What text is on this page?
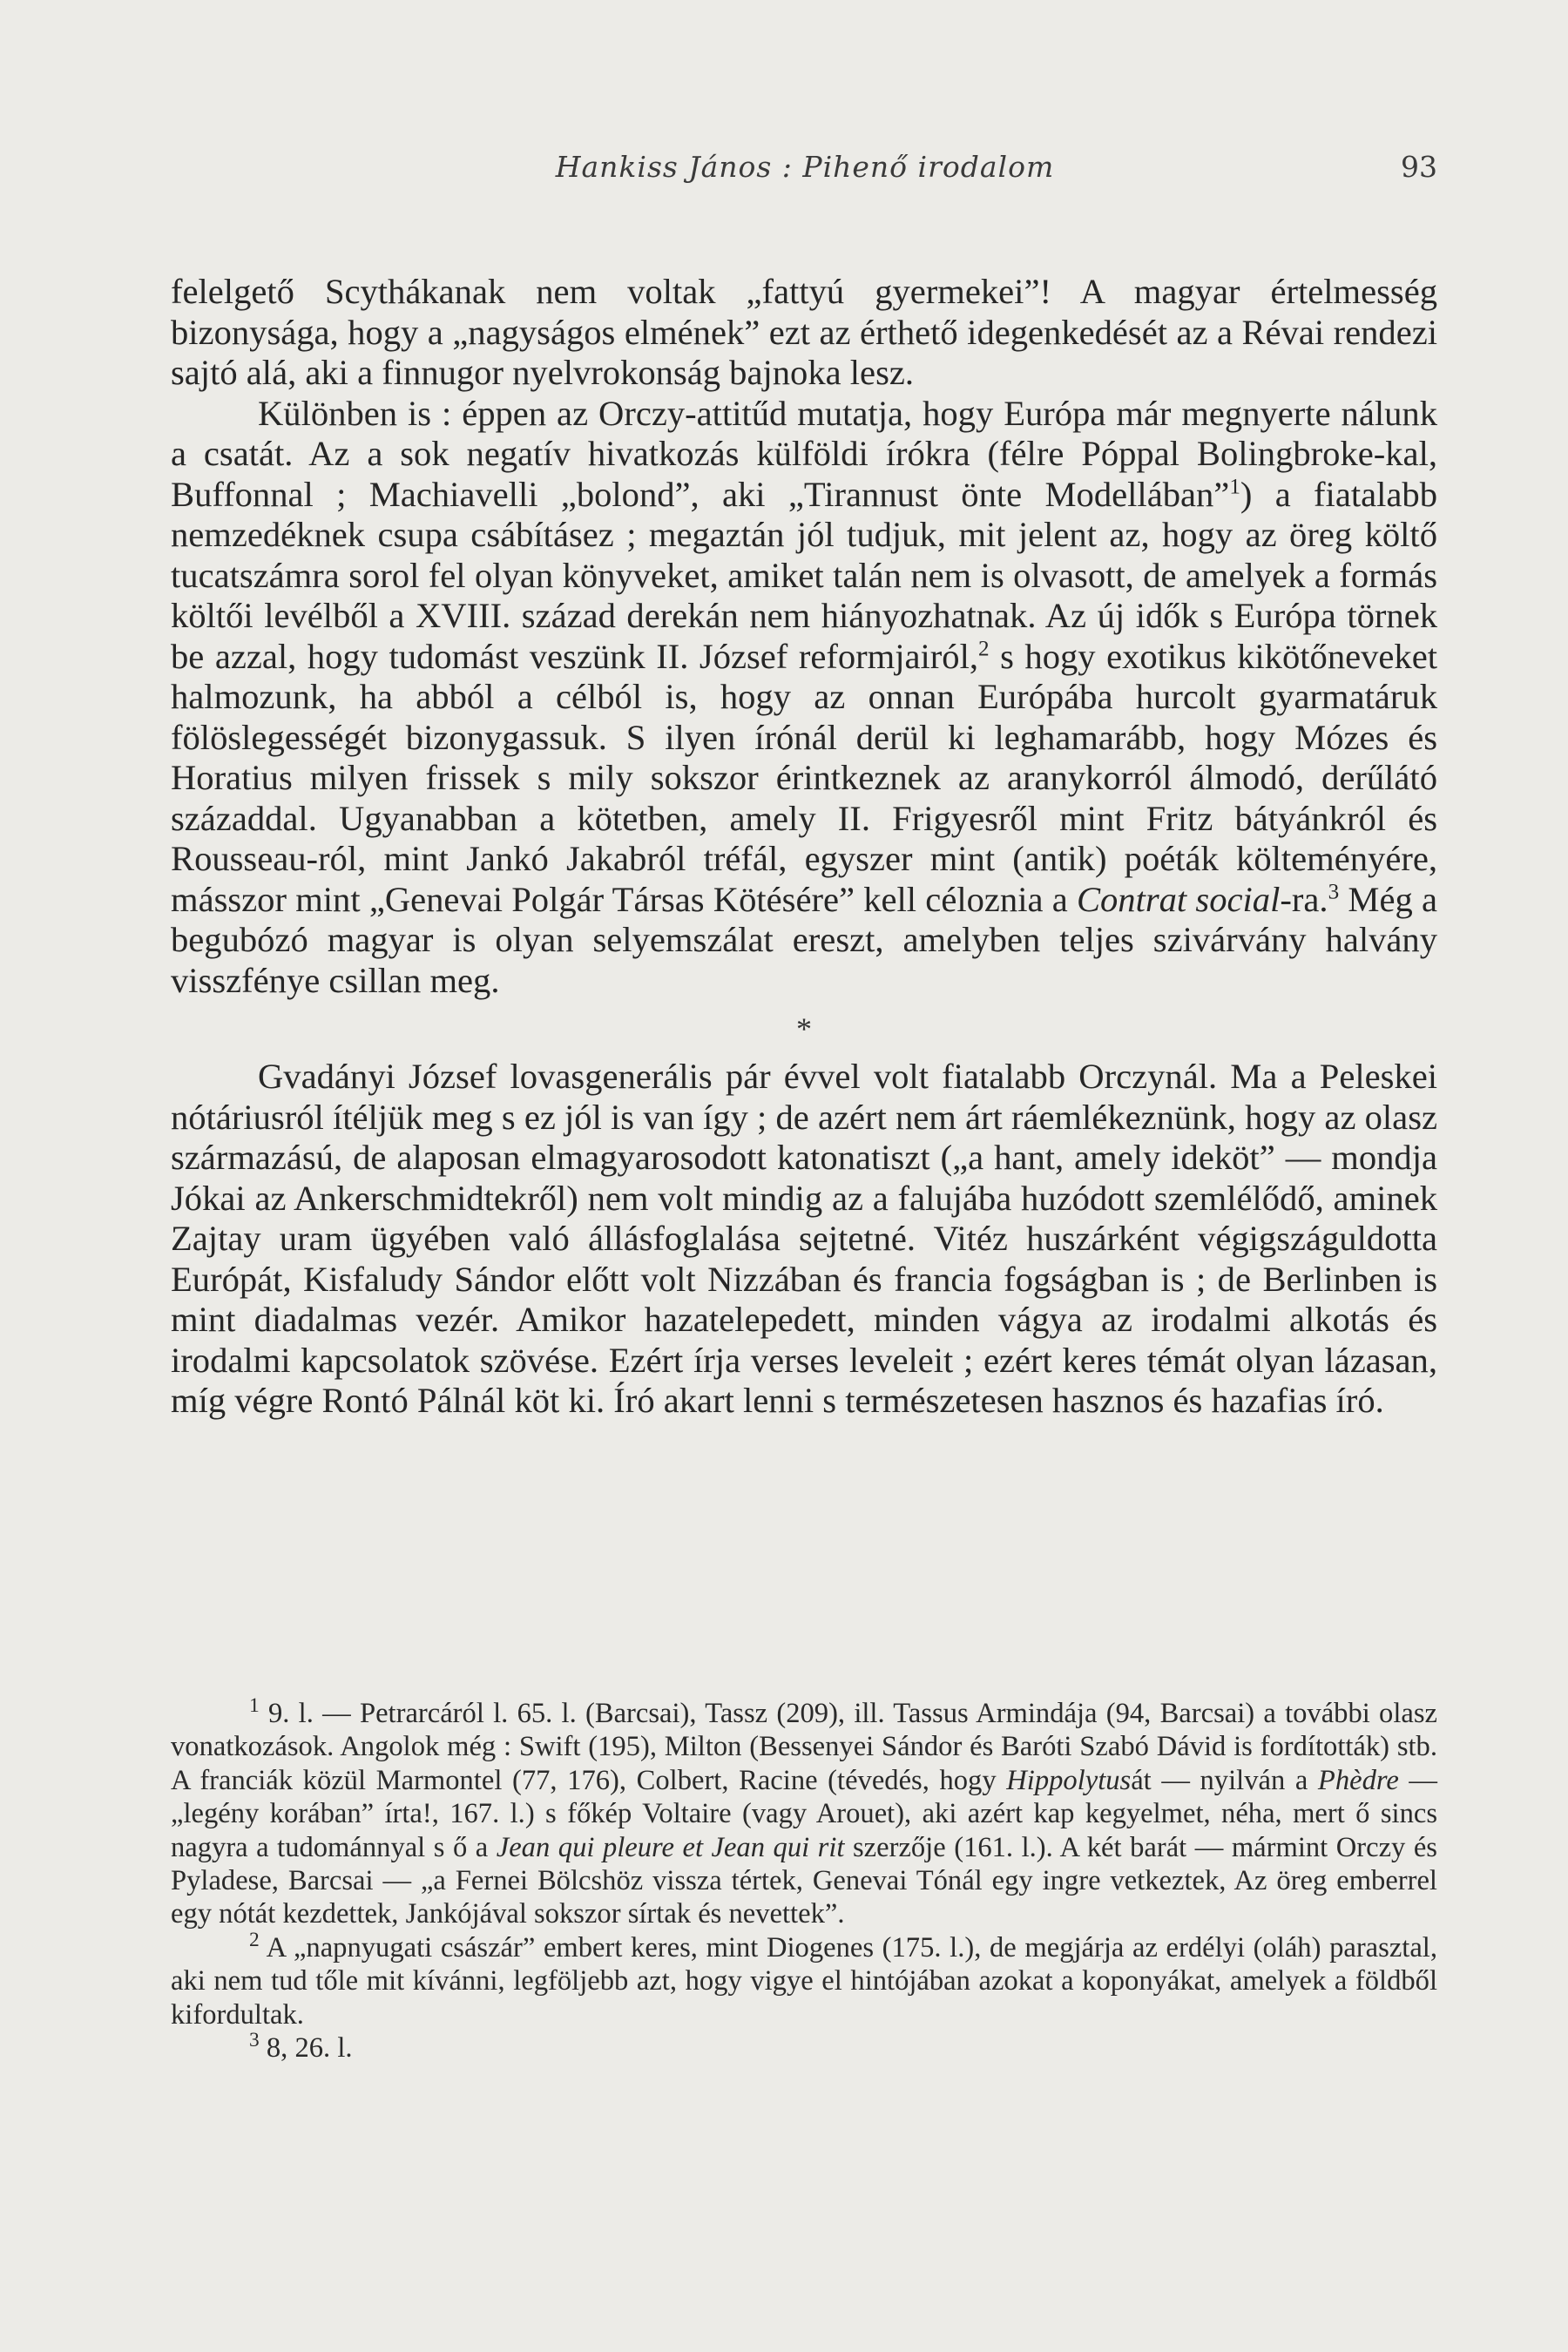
Hankiss János : Pihenő irodalom	93

felelgető Scythákanak nem voltak „fattyú gyermekei”! A magyar értelmesség bizonysága, hogy a „nagyságos elmének” ezt az érthető idegenkedését az a Révai rendezi sajtó alá, aki a finnugor nyelvrokonság bajnoka lesz.

Különben is : éppen az Orczy-attitűd mutatja, hogy Európa már megnyerte nálunk a csatát. Az a sok negatív hivatkozás külföldi írókra (félre Póppal Bolingbroke-kal, Buffonnal ; Machiavelli „bolond”, aki „Tirannust önte Modellában”$^1$) a fiatalabb nemzedéknek csupa csábításez ; megaztán jól tudjuk, mit jelent az, hogy az öreg költő tucatszámra sorol fel olyan könyveket, amiket talán nem is olvasott, de amelyek a formás költői levélből a XVIII. század derekán nem hiányozhatnak. Az új idők s Európa törnek be azzal, hogy tudomást veszünk II. József reformjairól,$^2$ s hogy exotikus kikötőneveket halmozunk, ha abból a célból is, hogy az onnan Európába hurcolt gyarmatáruk fölöslegességét bizonygassuk. S ilyen írónál derül ki leghamarább, hogy Mózes és Horatius milyen frissek s mily sokszor érintkeznek az aranykorról álmodó, derűlátó századdal. Ugyanabban a kötetben, amely II. Frigyesről mint Fritz bátyánkról és Rousseau-ról, mint Jankó Jakabról tréfál, egyszer mint (antik) poéták költeményére, másszor mint „Genevai Polgár Társas Kötésére” kell céloznia a Contrat social-ra.$^3$ Még a begubózó magyar is olyan selyemszálat ereszt, amelyben teljes szivárvány halvány visszfénye csillan meg.

*

Gvadányi József lovasgenerális pár évvel volt fiatalabb Orczynál. Ma a Peleskei nótáriusról ítéljük meg s ez jól is van így ; de azért nem árt ráemlékeznünk, hogy az olasz származású, de alaposan elmagyarosodott katonatiszt („a hant, amely ideköt” — mondja Jókai az Ankerschmidtekről) nem volt mindig az a falujába huzódott szemlélődő, aminek Zajtay uram ügyében való állásfoglalása sejtetné. Vitéz huszárként végigszáguldotta Európát, Kisfaludy Sándor előtt volt Nizzában és francia fogságban is ; de Berlinben is mint diadalmas vezér. Amikor hazatelepedett, minden vágya az irodalmi alkotás és irodalmi kapcsolatok szövése. Ezért írja verses leveleit ; ezért keres témát olyan lázasan, míg végre Rontó Pálnál köt ki. Író akart lenni s természetesen hasznos és hazafias író.

$^1$ 9. l. — Petrarcáról l. 65. l. (Barcsai), Tassz (209), ill. Tassus Armindája (94, Barcsai) a további olasz vonatkozások. Angolok még : Swift (195), Milton (Bessenyei Sándor és Baróti Szabó Dávid is fordították) stb. A franciák közül Marmontel (77, 176), Colbert, Racine (tévedés, hogy Hippolytusát — nyilván a Phèdre — „legény korában” írta!, 167. l.) s főkép Voltaire (vagy Arouet), aki azért kap kegyelmet, néha, mert ő sincs nagyra a tudománnyal s ő a Jean qui pleure et Jean qui rit szerzője (161. l.). A két barát — mármint Orczy és Pyladese, Barcsai — „a Fernei Bölcshöz vissza tértek, Genevai Tónál egy ingre vetkeztek, Az öreg emberrel egy nótát kezdettek, Jankójával sokszor sírtak és nevettek”.

$^2$ A „napnyugati császár” embert keres, mint Diogenes (175. l.), de megjárja az erdélyi (oláh) parasztal, aki nem tud tőle mit kívánni, legföljebb azt, hogy vigye el hintójában azokat a koponyákat, amelyek a földből kifordultak.

$^3$ 8, 26. l.
